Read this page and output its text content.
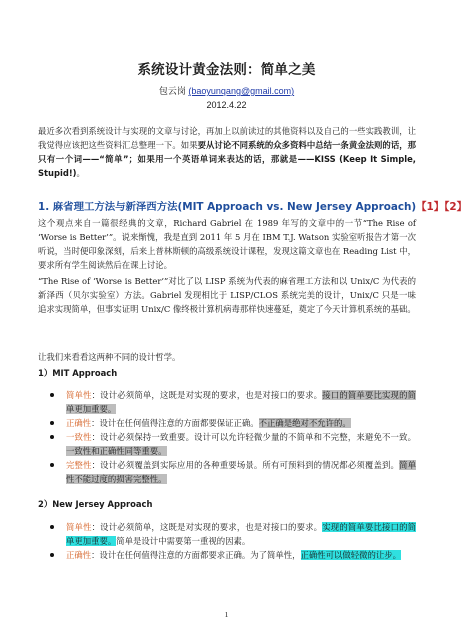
系统设计黄金法则：简单之美
包云岗 (baoyunqang@gmail.com)
2012.4.22
最近多次看到系统设计与实现的文章与讨论，再加上以前读过的其他资料以及自己的一些实践教训，让我觉得应该把这些资料汇总整理一下。如果要从讨论不同系统的众多资料中总结一条黄金法则的话，那只有一个词——“简单”；如果用一个英语单词来表达的话，那就是——KISS (Keep It Simple, Stupid!)。
1. 麻省理工方法与新泽西方法(MIT Approach vs. New Jersey Approach)【1】【2】
这个观点来自一篇很经典的文章，Richard Gabriel 在 1989 年写的文章中的一节“The Rise of ‘Worse is Better’”。说来惭愧，我是直到 2011 年 5 月在 IBM T.J. Watson 实验室听报告才第一次听说，当时便印象深刻，后来上普林斯顿的高级系统设计课程，发现这篇文章也在 Reading List 中，要求所有学生阅读然后在课上讨论。
“The Rise of ‘Worse is Better’”对比了以 LISP 系统为代表的麻省理工方法和以 Unix/C 为代表的新泽西（贝尔实验室）方法。Gabriel 发现相比于 LISP/CLOS 系统完美的设计，Unix/C 只是一味追求实现简单，但事实证明 Unix/C 像终极计算机病毒那样快速蔓延，奠定了今天计算机系统的基础。
让我们来看看这两种不同的设计哲学。
1）MIT Approach
简单性：设计必须简单，这既是对实现的要求，也是对接口的要求。接口的简单要比实现的简单更加重要。
正确性：设计在任何值得注意的方面都要保证正确。不正确是绝对不允许的。
一致性：设计必须保持一致重要。设计可以允许轻微少量的不简单和不完整，来避免不一致。一致性和正确性同等重要。
完整性：设计必须覆盖到实际应用的各种重要场景。所有可预料到的情况都必须覆盖到。简单性不能过度的损害完整性。
2）New Jersey Approach
简单性：设计必须简单，这既是对实现的要求，也是对接口的要求。实现的简单要比接口的简单更加重要。简单是设计中需要第一重视的因素。
正确性：设计在任何值得注意的方面都要求正确。为了简单性，正确性可以做轻微的让步。
1
